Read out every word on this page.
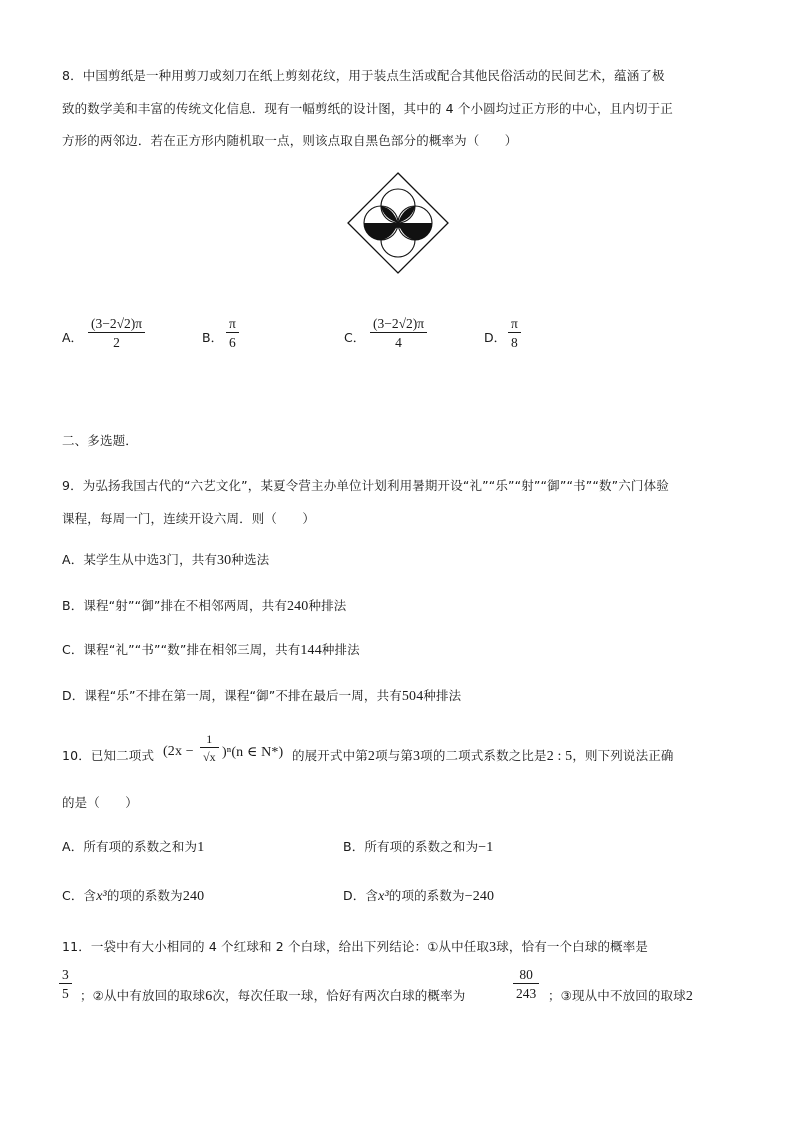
8．中国剪纸是一种用剪刀或刻刀在纸上剪刻花纹，用于装点生活或配合其他民俗活动的民间艺术，蕴涵了极
致的数学美和丰富的传统文化信息．现有一幅剪纸的设计图，其中的 4 个小圆均过正方形的中心，且内切于正
方形的两邻边．若在正方形内随机取一点，则该点取自黑色部分的概率为（　　）
A． $\frac{(3-2√2)\pi}{2}$	B． $\frac{\pi}{6}$	C． $\frac{(3-2√2)\pi}{4}$	D． $\frac{\pi}{8}$
二、多选题．
9．为弘扬我国古代的“六艺文化”，某夏令营主办单位计划利用暑期开设“礼”“乐”“射”“御”“书”“数”六门体验
课程，每周一门，连续开设六周．则（　　）
A．某学生从中选3门，共有30种选法
B．课程“射”“御”排在不相邻两周，共有240种排法
C．课程“礼”“书”“数”排在相邻三周，共有144种排法
D．课程“乐”不排在第一周，课程“御”不排在最后一周，共有504种排法
10．已知二项式 $(2x - \frac{1}{√x} )^n(n$ ∈ N*) 的展开式中第2项与第3项的二项式系数之比是2 : 5，则下列说法正确
的是（　　）
A．所有项的系数之和为1	B．所有项的系数之和为−1
C．含x³的项的系数为240	D．含x³的项的系数为−240
11．一袋中有大小相同的 4 个红球和 2 个白球，给出下列结论：①从中任取3球，恰有一个白球的概率是
$\frac{3}{5}$ ；②从中有放回的取球6次，每次任取一球，恰好有两次白球的概率为	$\frac{80}{243}$ ；③现从中不放回的取球2
